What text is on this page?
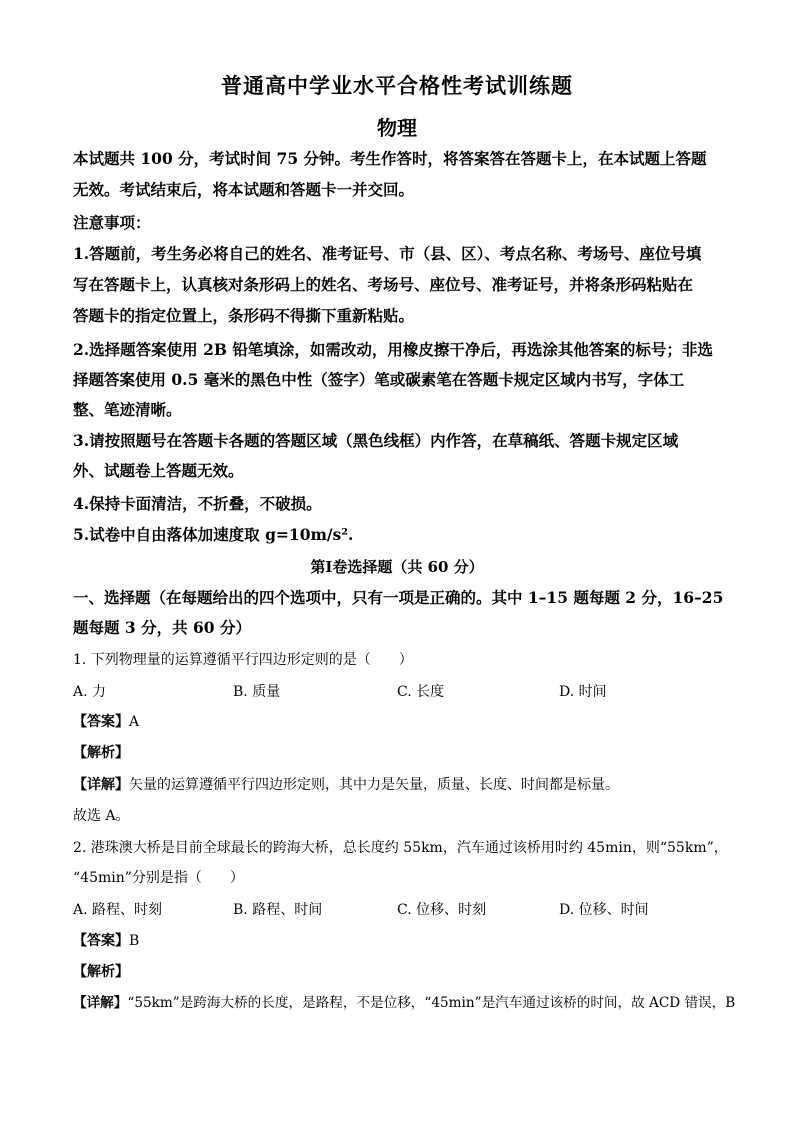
普通高中学业水平合格性考试训练题
物理
本试题共 100 分，考试时间 75 分钟。考生作答时，将答案答在答题卡上，在本试题上答题
无效。考试结束后，将本试题和答题卡一并交回。
注意事项：
1.答题前，考生务必将自己的姓名、准考证号、市（县、区）、考点名称、考场号、座位号填
写在答题卡上，认真核对条形码上的姓名、考场号、座位号、准考证号，并将条形码粘贴在
答题卡的指定位置上，条形码不得撕下重新粘贴。
2.选择题答案使用 2B 铅笔填涂，如需改动，用橡皮擦干净后，再选涂其他答案的标号；非选
择题答案使用 0.5 毫米的黑色中性（签字）笔或碳素笔在答题卡规定区域内书写，字体工
整、笔迹清晰。
3.请按照题号在答题卡各题的答题区域（黑色线框）内作答，在草稿纸、答题卡规定区域
外、试题卷上答题无效。
4.保持卡面清洁，不折叠，不破损。
5.试卷中自由落体加速度取 g=10m/s².
第Ⅰ卷选择题（共 60 分）
一、选择题（在每题给出的四个选项中，只有一项是正确的。其中 1–15 题每题 2 分，16–25
题每题 3 分，共 60 分）
1. 下列物理量的运算遵循平行四边形定则的是（　　）
A. 力	B. 质量	C. 长度	D. 时间
【答案】A
【解析】
【详解】矢量的运算遵循平行四边形定则，其中力是矢量，质量、长度、时间都是标量。
故选 A。
2. 港珠澳大桥是目前全球最长的跨海大桥，总长度约 55km，汽车通过该桥用时约 45min，则“55km”，
“45min”分别是指（　　）
A. 路程、时刻	B. 路程、时间	C. 位移、时刻	D. 位移、时间
【答案】B
【解析】
【详解】“55km”是跨海大桥的长度，是路程，不是位移，“45min”是汽车通过该桥的时间，故 ACD 错误，B
